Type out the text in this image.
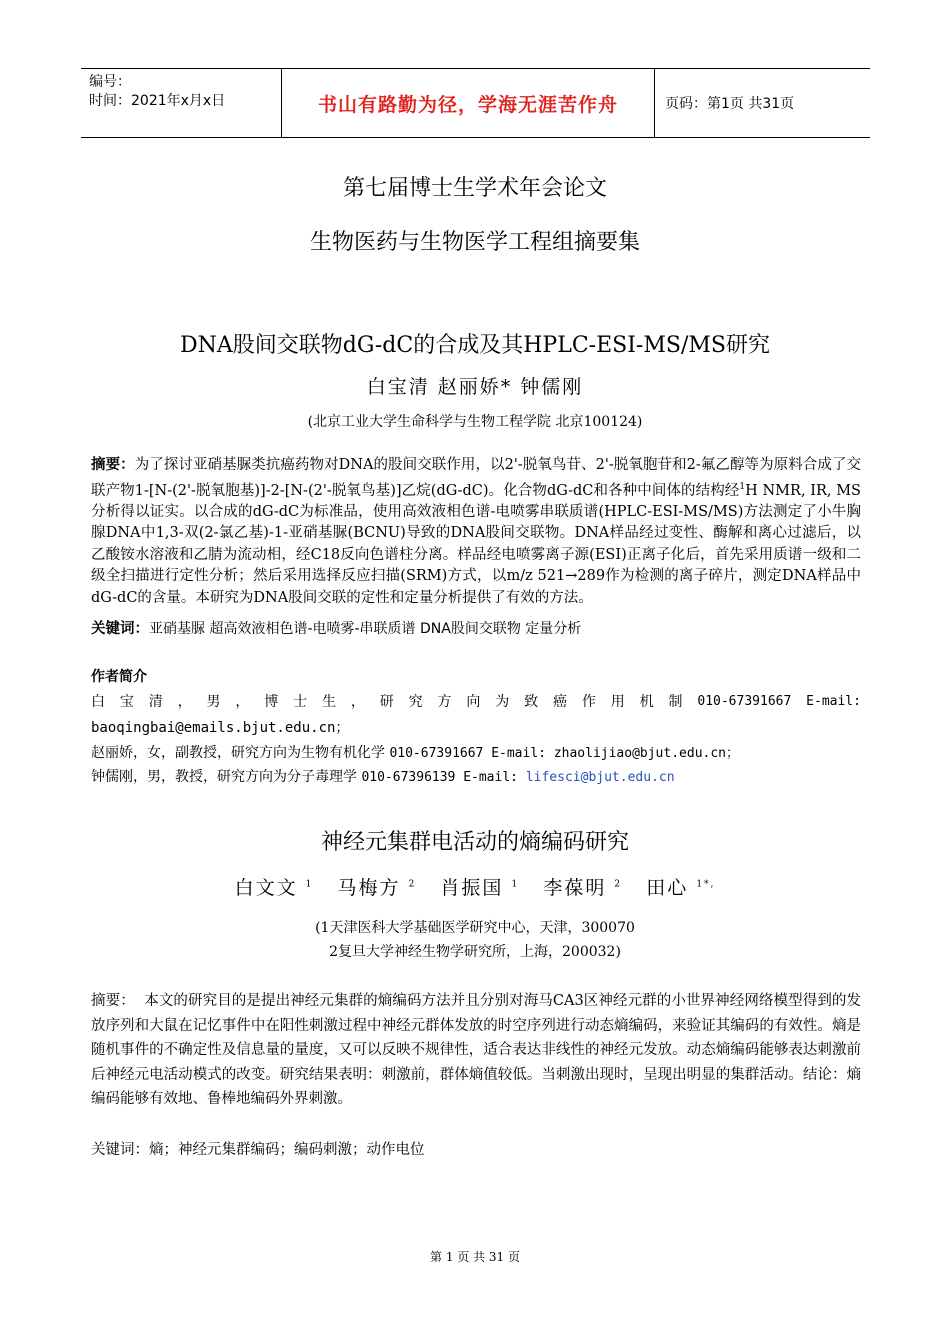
编号：
时间：2021年x月x日	书山有路勤为径，学海无涯苦作舟	页码：第1页 共31页
第七届博士生学术年会论文
生物医药与生物医学工程组摘要集
DNA股间交联物dG-dC的合成及其HPLC-ESI-MS/MS研究
白宝清 赵丽娇* 钟儒刚
(北京工业大学生命科学与生物工程学院 北京100124)
摘要：为了探讨亚硝基脲类抗癌药物对DNA的股间交联作用，以2'-脱氧鸟苷、2'-脱氧胞苷和2-氟乙醇等为原料合成了交联产物1-[N-(2'-脱氧胞基)]-2-[N-(2'-脱氧鸟基)]乙烷(dG-dC)。化合物dG-dC和各种中间体的结构经$^1$H NMR, IR, MS分析得以证实。以合成的dG-dC为标准品，使用高效液相色谱-电喷雾串联质谱(HPLC-ESI-MS/MS)方法测定了小牛胸腺DNA中1,3-双(2-氯乙基)-1-亚硝基脲(BCNU)导致的DNA股间交联物。DNA样品经过变性、酶解和离心过滤后，以乙酸铵水溶液和乙腈为流动相，经C18反向色谱柱分离。样品经电喷雾离子源(ESI)正离子化后，首先采用质谱一级和二级全扫描进行定性分析；然后采用选择反应扫描(SRM)方式，以m/z 521→289作为检测的离子碎片，测定DNA样品中dG-dC的含量。本研究为DNA股间交联的定性和定量分析提供了有效的方法。
关键词：亚硝基脲 超高效液相色谱-电喷雾-串联质谱 DNA股间交联物 定量分析
作者简介
白 宝 清 ， 男 ， 博 士 生 ， 研 究 方 向 为 致 癌 作 用 机 制 010-67391667 E-mail:
baoqingbai@emails.bjut.edu.cn；
赵丽娇，女，副教授，研究方向为生物有机化学 010-67391667 E-mail: zhaolijiao@bjut.edu.cn；
钟儒刚，男，教授，研究方向为分子毒理学 010-67396139 E-mail: lifesci@bjut.edu.cn
神经元集群电活动的熵编码研究
白文文 $^1$ 马梅方 $^2$ 肖振国 $^1$ 李葆明 $^2$ 田心 $^{1*,}$
(1天津医科大学基础医学研究中心，天津，300070
2复旦大学神经生物学研究所，上海，200032)
摘要： 本文的研究目的是提出神经元集群的熵编码方法并且分别对海马CA3区神经元群的小世界神经网络模型得到的发放序列和大鼠在记忆事件中在阳性刺激过程中神经元群体发放的时空序列进行动态熵编码，来验证其编码的有效性。熵是随机事件的不确定性及信息量的量度，又可以反映不规律性，适合表达非线性的神经元发放。动态熵编码能够表达刺激前后神经元电活动模式的改变。研究结果表明：刺激前，群体熵值较低。当刺激出现时，呈现出明显的集群活动。结论：熵编码能够有效地、鲁棒地编码外界刺激。
关键词：熵；神经元集群编码；编码刺激；动作电位
第 1 页 共 31 页
